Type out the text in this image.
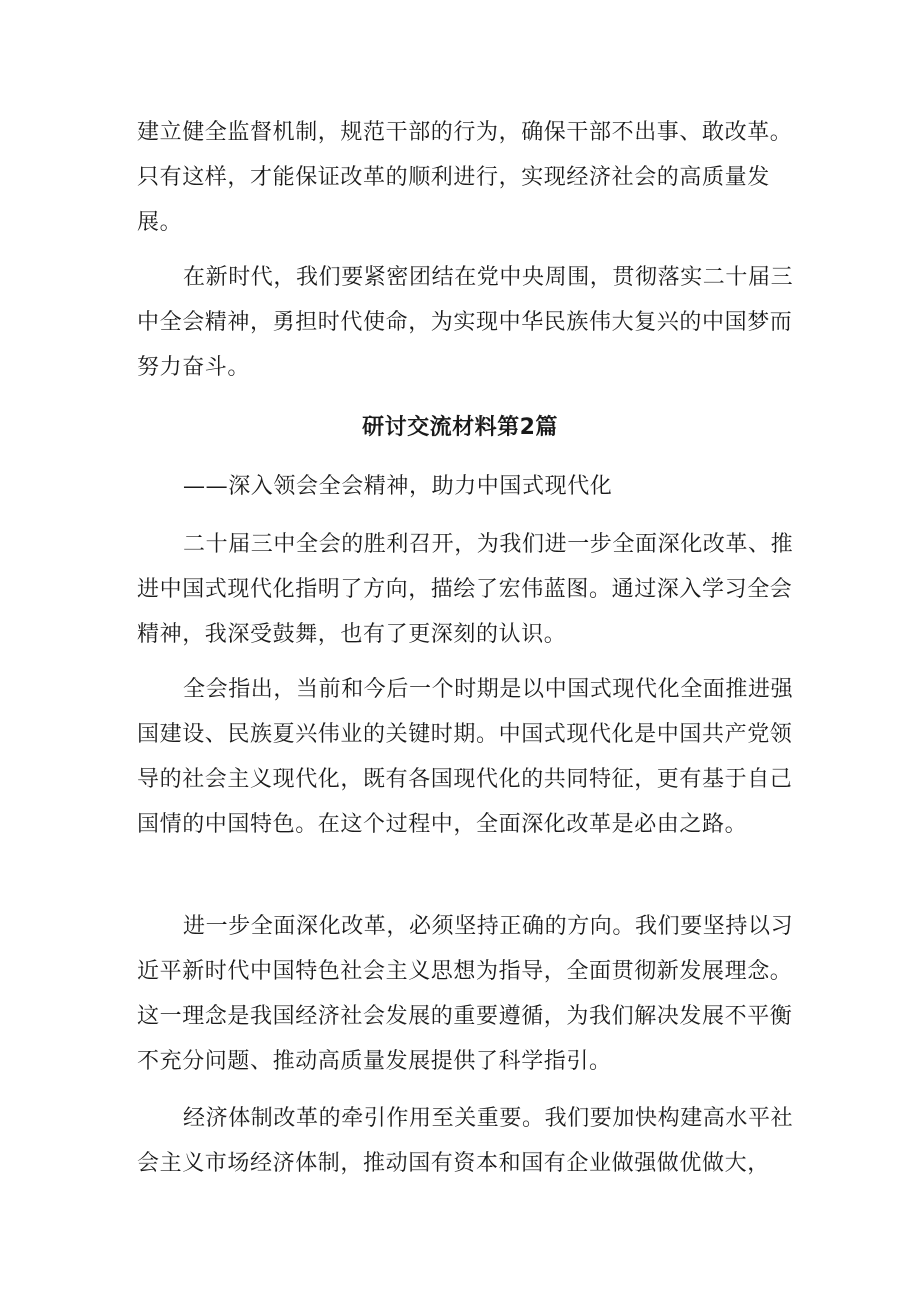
建立健全监督机制，规范干部的行为，确保干部不出事、敢改革。只有这样，才能保证改革的顺利进行，实现经济社会的高质量发展。

在新时代，我们要紧密团结在党中央周围，贯彻落实二十届三中全会精神，勇担时代使命，为实现中华民族伟大复兴的中国梦而努力奋斗。

研讨交流材料第2篇

——深入领会全会精神，助力中国式现代化

二十届三中全会的胜利召开，为我们进一步全面深化改革、推进中国式现代化指明了方向，描绘了宏伟蓝图。通过深入学习全会精神，我深受鼓舞，也有了更深刻的认识。

全会指出，当前和今后一个时期是以中国式现代化全面推进强国建设、民族夏兴伟业的关键时期。中国式现代化是中国共产党领导的社会主义现代化，既有各国现代化的共同特征，更有基于自己国情的中国特色。在这个过程中，全面深化改革是必由之路。

进一步全面深化改革，必须坚持正确的方向。我们要坚持以习近平新时代中国特色社会主义思想为指导，全面贯彻新发展理念。这一理念是我国经济社会发展的重要遵循，为我们解决发展不平衡不充分问题、推动高质量发展提供了科学指引。

经济体制改革的牵引作用至关重要。我们要加快构建高水平社会主义市场经济体制，推动国有资本和国有企业做强做优做大，
